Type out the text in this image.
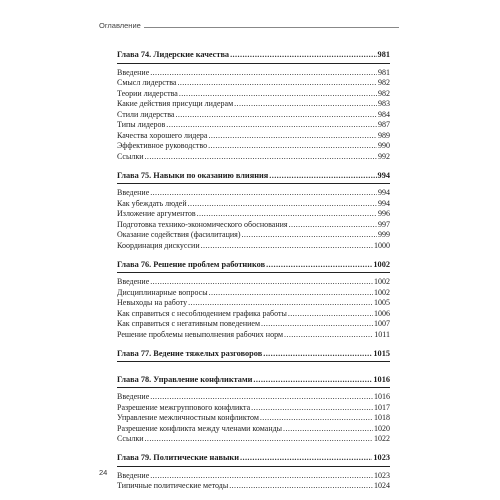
Оглавление
Глава 74. Лидерские качества .....	981
Введение .....	981
Смысл лидерства .....	982
Теории лидерства .....	982
Какие действия присущи лидерам .....	983
Стили лидерства .....	984
Типы лидеров .....	987
Качества хорошего лидера .....	989
Эффективное руководство .....	990
Ссылки .....	992
Глава 75. Навыки по оказанию влияния .....	994
Введение .....	994
Как убеждать людей .....	994
Изложение аргументов .....	996
Подготовка технико-экономического обоснования .....	997
Оказание содействия (фасилитация) .....	999
Координация дискуссии .....	1000
Глава 76. Решение проблем работников .....	1002
Введение .....	1002
Дисциплинарные вопросы .....	1002
Невыходы на работу .....	1005
Как справиться с несоблюдением графика работы .....	1006
Как справиться с негативным поведением .....	1007
Решение проблемы невыполнения рабочих норм .....	1011
Глава 77. Ведение тяжелых разговоров .....	1015
Глава 78. Управление конфликтами .....	1016
Введение .....	1016
Разрешение межгруппового конфликта .....	1017
Управление межличностным конфликтом .....	1018
Разрешение конфликта между членами команды .....	1020
Ссылки .....	1022
Глава 79. Политические навыки .....	1023
Введение .....	1023
Типичные политические методы .....	1024
24
